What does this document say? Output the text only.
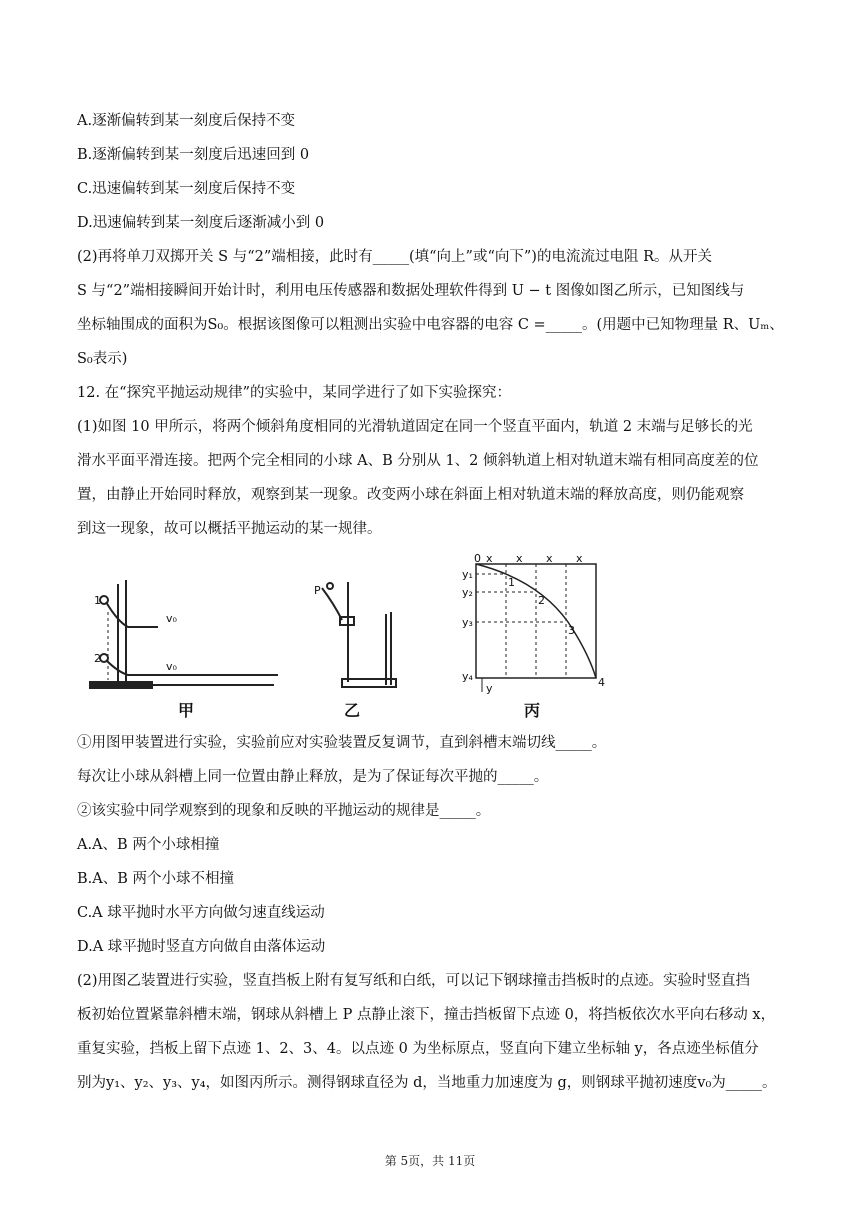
A.逐渐偏转到某一刻度后保持不变
B.逐渐偏转到某一刻度后迅速回到 0
C.迅速偏转到某一刻度后保持不变
D.迅速偏转到某一刻度后逐渐减小到 0
(2)再将单刀双掷开关 S 与“2”端相接，此时有_____(填“向上”或“向下”)的电流流过电阻 R。从开关
S 与“2”端相接瞬间开始计时，利用电压传感器和数据处理软件得到 U − t 图像如图乙所示，已知图线与
坐标轴围成的面积为S₀。根据该图像可以粗测出实验中电容器的电容 C =_____。(用题中已知物理量 R、Uₘ、
S₀表示)
12. 在“探究平抛运动规律”的实验中，某同学进行了如下实验探究：
(1)如图 10 甲所示，将两个倾斜角度相同的光滑轨道固定在同一个竖直平面内，轨道 2 末端与足够长的光
滑水平面平滑连接。把两个完全相同的小球 A、B 分别从 1、2 倾斜轨道上相对轨道末端有相同高度差的位
置，由静止开始同时释放，观察到某一现象。改变两小球在斜面上相对轨道末端的释放高度，则仍能观察
到这一现象，故可以概括平抛运动的某一规律。
1
2
v₀
v₀
P
0 x x x x
y₁
y₂
y₃
y₄
y
1
2
3
4
甲	乙	丙
①用图甲装置进行实验，实验前应对实验装置反复调节，直到斜槽末端切线_____。
每次让小球从斜槽上同一位置由静止释放，是为了保证每次平抛的_____。
②该实验中同学观察到的现象和反映的平抛运动的规律是_____。
A.A、B 两个小球相撞
B.A、B 两个小球不相撞
C.A 球平抛时水平方向做匀速直线运动
D.A 球平抛时竖直方向做自由落体运动
(2)用图乙装置进行实验，竖直挡板上附有复写纸和白纸，可以记下钢球撞击挡板时的点迹。实验时竖直挡
板初始位置紧靠斜槽末端，钢球从斜槽上 P 点静止滚下，撞击挡板留下点迹 0，将挡板依次水平向右移动 x，
重复实验，挡板上留下点迹 1、2、3、4。以点迹 0 为坐标原点，竖直向下建立坐标轴 y，各点迹坐标值分
别为y₁、y₂、y₃、y₄，如图丙所示。测得钢球直径为 d，当地重力加速度为 g，则钢球平抛初速度v₀为_____。
第 5页，共 11页
